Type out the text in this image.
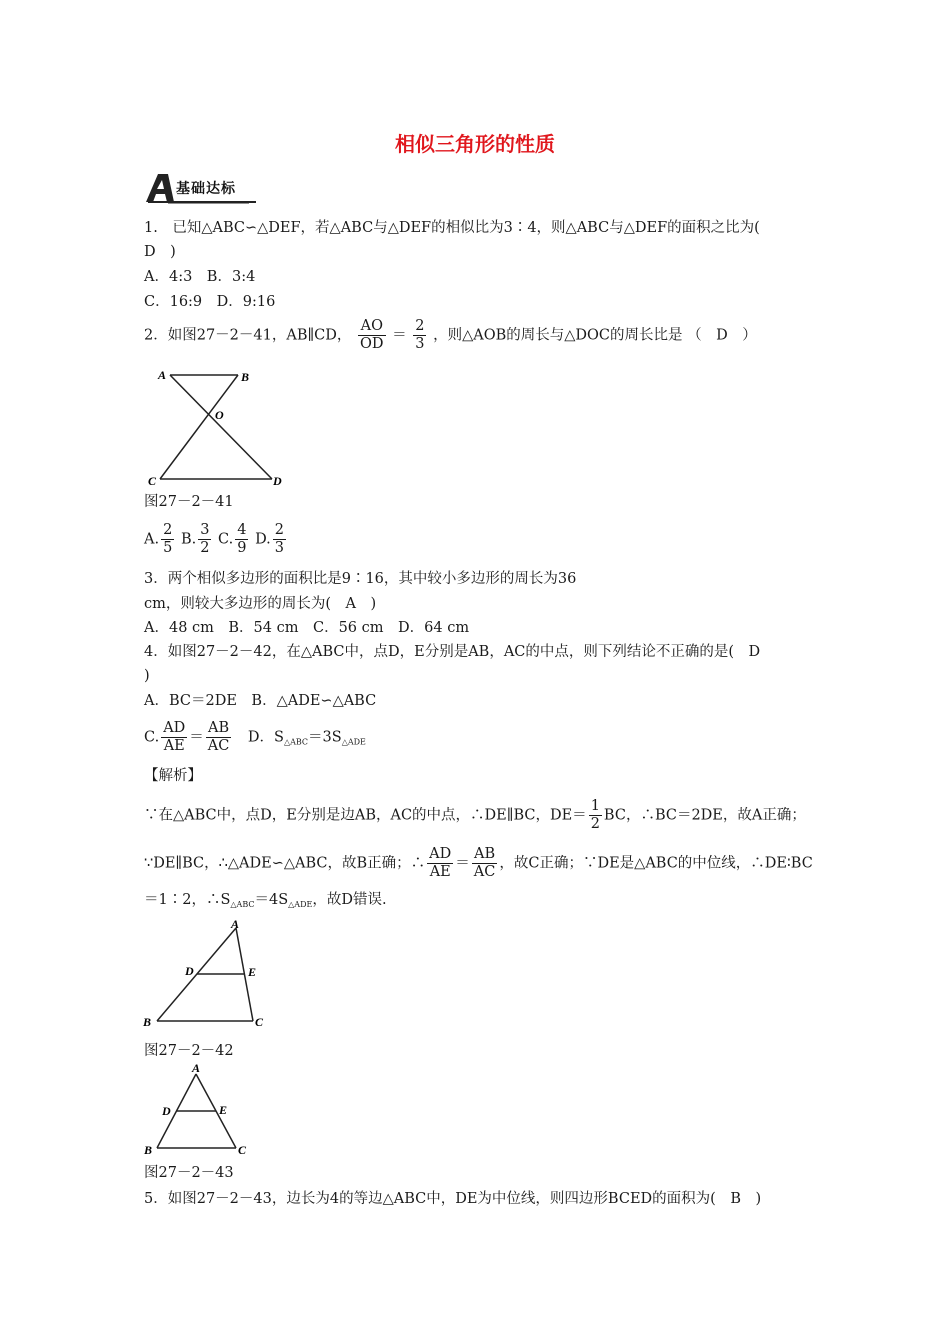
相似三角形的性质
基础达标
1.　已知△ABC∽△DEF，若△ABC与△DEF的相似比为3∶4，则△ABC与△DEF的面积之比为(
D　)
A．4:3　B．3:4
C．16:9　D．9:16
2．如图27－2－41，AB∥CD， $\frac{AO}{OD} = \frac{2}{3}$ ，则△AOB的周长与△DOC的周长比是 （　D　）
A	B
O
C	D
图27－2－41
A. $\frac{2}{5} B$. $\frac{3}{2} C$. $\frac{4}{9} D$. $\frac{2}{3}$
3．两个相似多边形的面积比是9∶16，其中较小多边形的周长为36
cm，则较大多边形的周长为(　A　)
A．48 cm　B．54 cm　C．56 cm　D．64 cm
4．如图27－2－42，在△ABC中，点D，E分别是AB，AC的中点，则下列结论不正确的是(　D
)
A．BC＝2DE　B．△ADE∽△ABC
C. $\frac{AD}{AE} = \frac{AB}{AC}$
　 D．$S_{\triangle ABC}=3S_{\triangle ADE}$
【解析】
∵在△ABC中，点D，E分别是边AB，AC的中点，∴DE∥BC，$DE= \frac{1}{2}$ BC，∴BC＝2DE，故A正确；
∵DE∥BC，∴△ADE∽△ABC，故B正确；∴ $\frac{AD}{AE} = \frac{AB}{AC}$ ，故C正确；∵DE是△ABC的中位线，∴DE∶BC
＝1∶2，$\therefore S_{\triangle ABC}=4S_{\triangle ADE}$，故D错误.
A
D	E
B	C
图27－2－42
A
D	E
B	C
图27－2－43
5．如图27－2－43，边长为4的等边△ABC中，DE为中位线，则四边形BCED的面积为(　B　)
